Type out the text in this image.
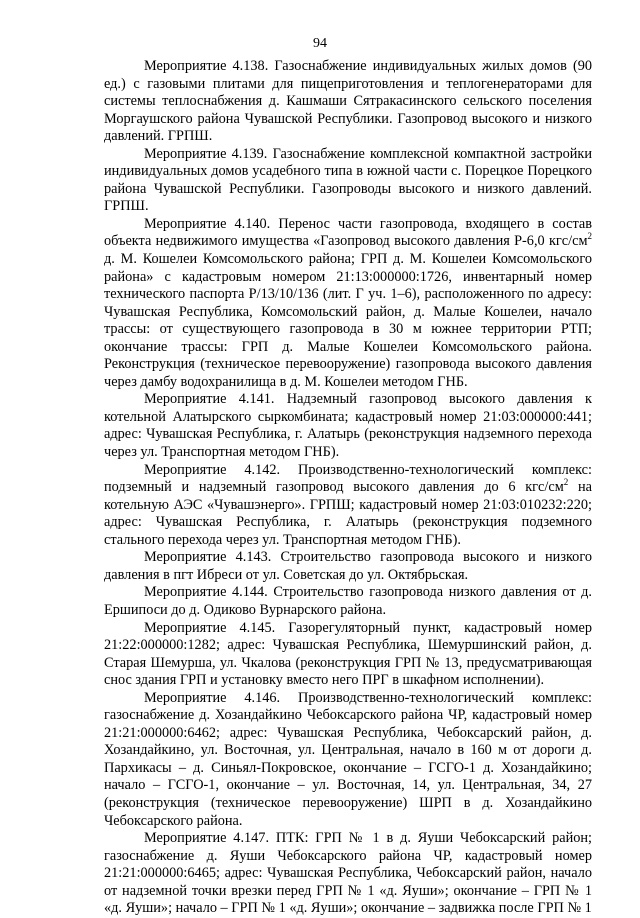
94

Мероприятие 4.138. Газоснабжение индивидуальных жилых домов (90 ед.) с газовыми плитами для пищеприготовления и теплогенераторами для системы теплоснабжения д. Кашмаши Сятракасинского сельского поселения Моргаушского района Чувашской Республики. Газопровод высокого и низкого давлений. ГРПШ.

Мероприятие 4.139. Газоснабжение комплексной компактной застройки индивидуальных домов усадебного типа в южной части с. Порецкое Порецкого района Чувашской Республики. Газопроводы высокого и низкого давлений. ГРПШ.

Мероприятие 4.140. Перенос части газопровода, входящего в состав объекта недвижимого имущества «Газопровод высокого давления Р-6,0 кгс/$см^2$ д. М. Кошелеи Комсомольского района; ГРП д. М. Кошелеи Комсомольского района» с кадастровым номером 21:13:000000:1726, инвентарный номер технического паспорта Р/13/10/136 (лит. Г уч. 1–6), расположенного по адресу: Чувашская Республика, Комсомольский район, д. Малые Кошелеи, начало трассы: от существующего газопровода в 30 м южнее территории РТП; окончание трассы: ГРП д. Малые Кошелеи Комсомольского района. Реконструкция (техническое перевооружение) газопровода высокого давления через дамбу водохранилища в д. М. Кошелеи методом ГНБ.

Мероприятие 4.141. Надземный газопровод высокого давления к котельной Алатырского сыркомбината; кадастровый номер 21:03:000000:441; адрес: Чувашская Республика, г. Алатырь (реконструкция надземного перехода через ул. Транспортная методом ГНБ).

Мероприятие 4.142. Производственно-технологический комплекс: подземный и надземный газопровод высокого давления до 6 кгс/$см^2$ на котельную АЭС «Чувашэнерго». ГРПШ; кадастровый номер 21:03:010232:220; адрес: Чувашская Республика, г. Алатырь (реконструкция подземного стального перехода через ул. Транспортная методом ГНБ).

Мероприятие 4.143. Строительство газопровода высокого и низкого давления в пгт Ибреси от ул. Советская до ул. Октябрьская.

Мероприятие 4.144. Строительство газопровода низкого давления от д. Ершипоси до д. Одиково Вурнарского района.

Мероприятие 4.145. Газорегуляторный пункт, кадастровый номер 21:22:000000:1282; адрес: Чувашская Республика, Шемуршинский район, д. Старая Шемурша, ул. Чкалова (реконструкция ГРП № 13, предусматривающая снос здания ГРП и установку вместо него ПРГ в шкафном исполнении).

Мероприятие 4.146. Производственно-технологический комплекс: газоснабжение д. Хозандайкино Чебоксарского района ЧР, кадастровый номер 21:21:000000:6462; адрес: Чувашская Республика, Чебоксарский район, д. Хозандайкино, ул. Восточная, ул. Центральная, начало в 160 м от дороги д. Пархикасы – д. Синьял-Покровское, окончание – ГСГО-1 д. Хозандайкино; начало – ГСГО-1, окончание – ул. Восточная, 14, ул. Центральная, 34, 27 (реконструкция (техническое перевооружение) ШРП в д. Хозандайкино Чебоксарского района.

Мероприятие 4.147. ПТК: ГРП № 1 в д. Яуши Чебоксарский район; газоснабжение д. Яуши Чебоксарского района ЧР, кадастровый номер 21:21:000000:6465; адрес: Чувашская Республика, Чебоксарский район, начало от надземной точки врезки перед ГРП № 1 «д. Яуши»; окончание – ГРП № 1 «д. Яуши»; начало – ГРП № 1 «д. Яуши»; окончание – задвижка после ГРП № 1
